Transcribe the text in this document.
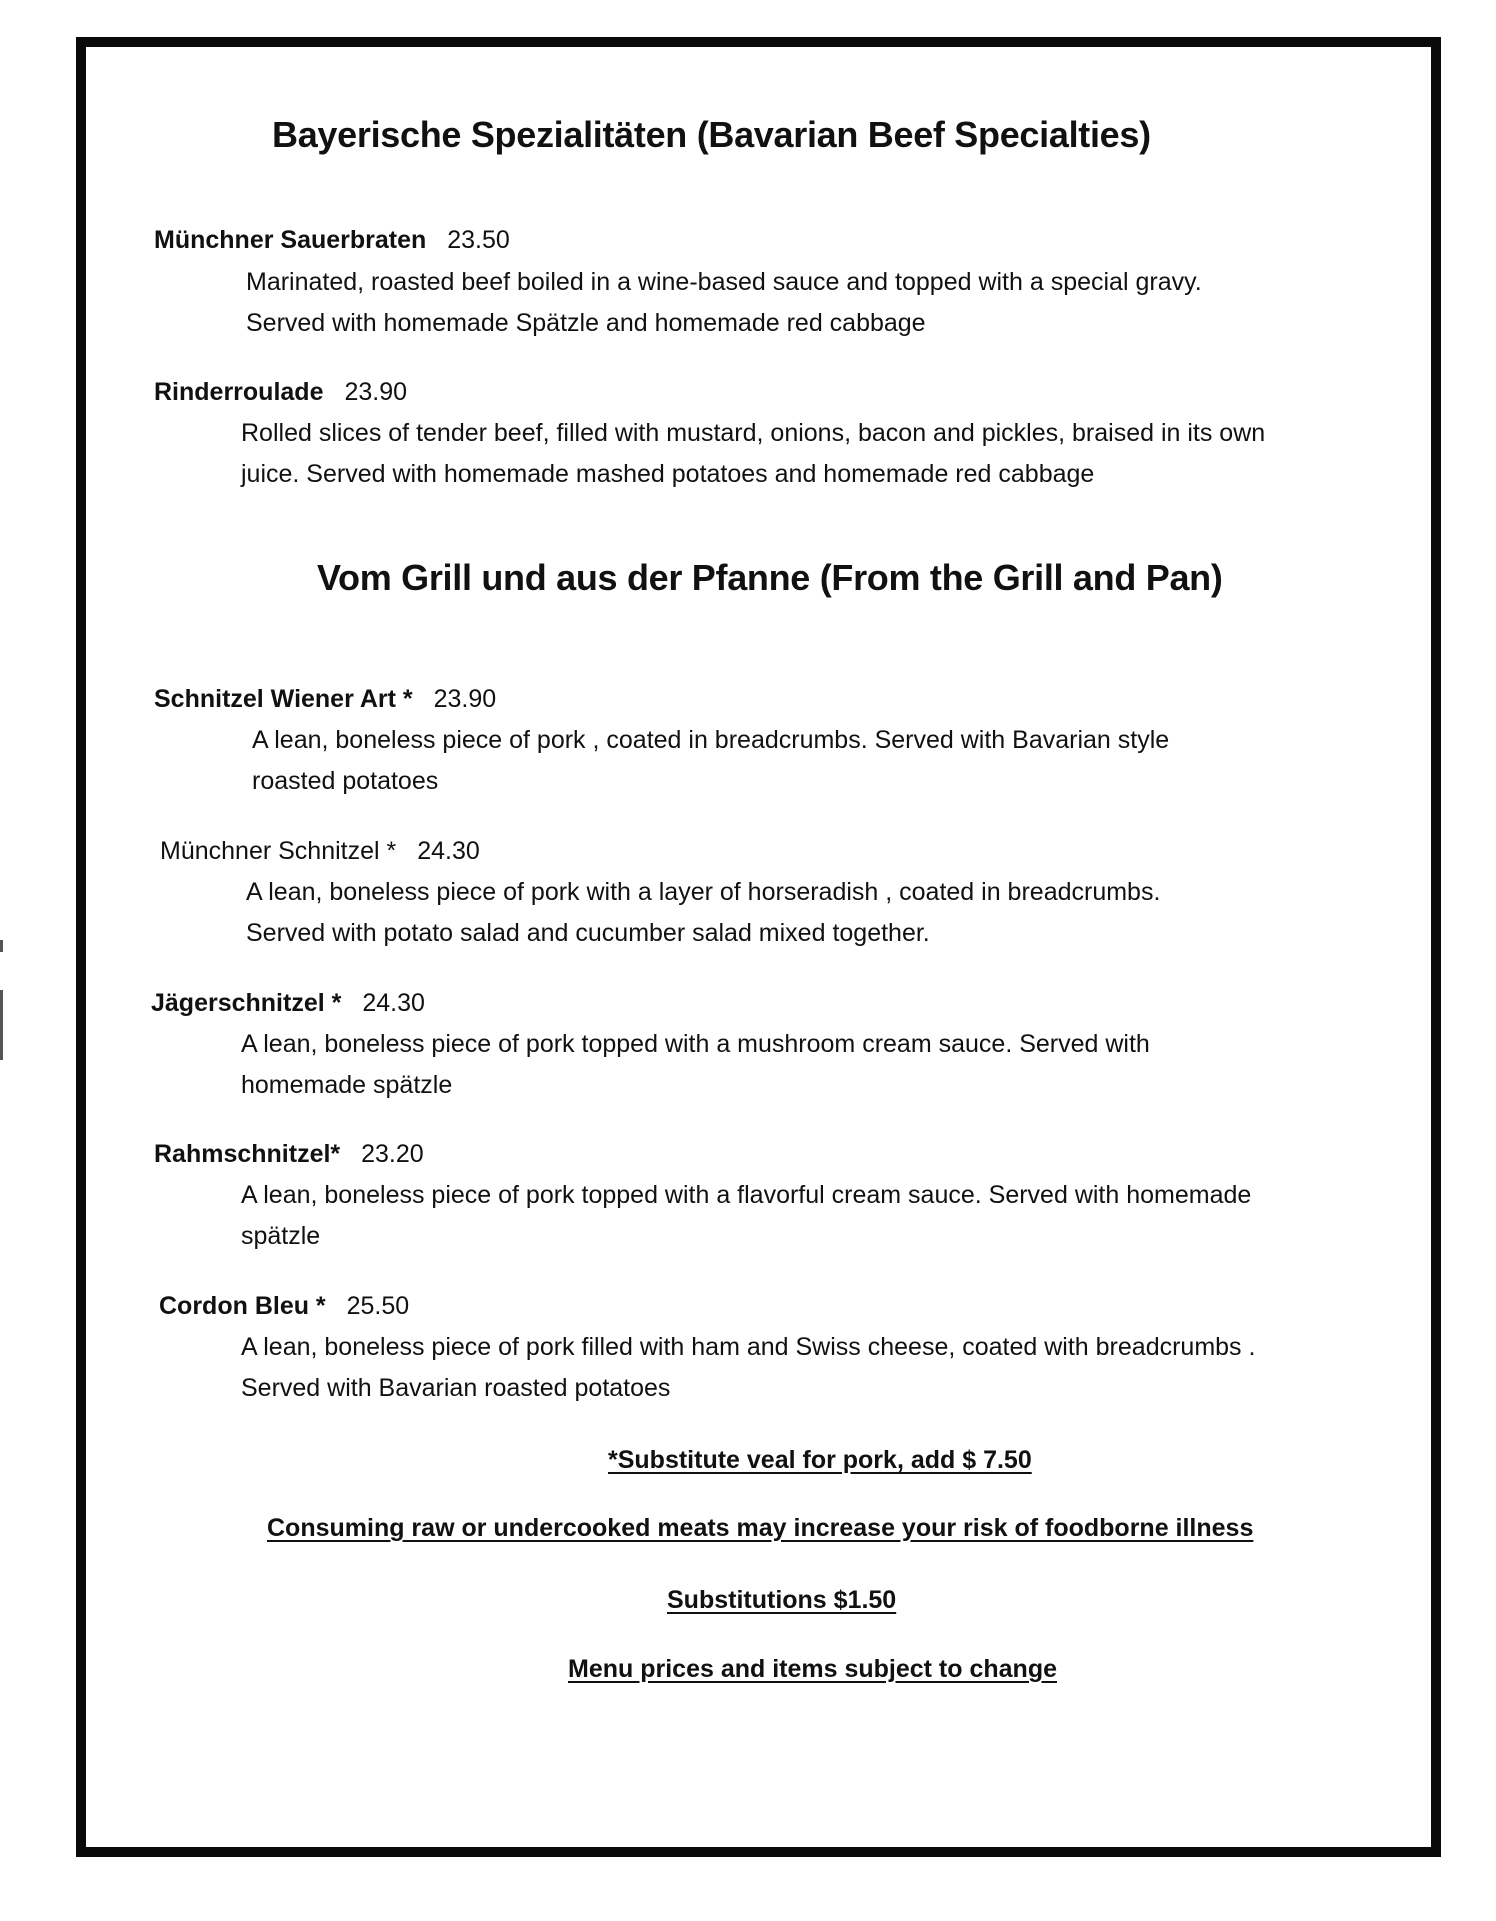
Bayerische Spezialitäten (Bavarian Beef Specialties)
Münchner Sauerbraten 23.50
Marinated, roasted beef boiled in a wine-based sauce and topped with a special gravy.
Served with homemade Spätzle and homemade red cabbage
Rinderroulade 23.90
Rolled slices of tender beef, filled with mustard, onions, bacon and pickles, braised in its own
juice. Served with homemade mashed potatoes and homemade red cabbage
Vom Grill und aus der Pfanne (From the Grill and Pan)
Schnitzel Wiener Art * 23.90
A lean, boneless piece of pork , coated in breadcrumbs. Served with Bavarian style
roasted potatoes
Münchner Schnitzel * 24.30
A lean, boneless piece of pork with a layer of horseradish , coated in breadcrumbs.
Served with potato salad and cucumber salad mixed together.
Jägerschnitzel * 24.30
A lean, boneless piece of pork topped with a mushroom cream sauce. Served with
homemade spätzle
Rahmschnitzel* 23.20
A lean, boneless piece of pork topped with a flavorful cream sauce. Served with homemade
spätzle
Cordon Bleu * 25.50
A lean, boneless piece of pork filled with ham and Swiss cheese, coated with breadcrumbs .
Served with Bavarian roasted potatoes
*Substitute veal for pork, add $ 7.50
Consuming raw or undercooked meats may increase your risk of foodborne illness
Substitutions $1.50
Menu prices and items subject to change
